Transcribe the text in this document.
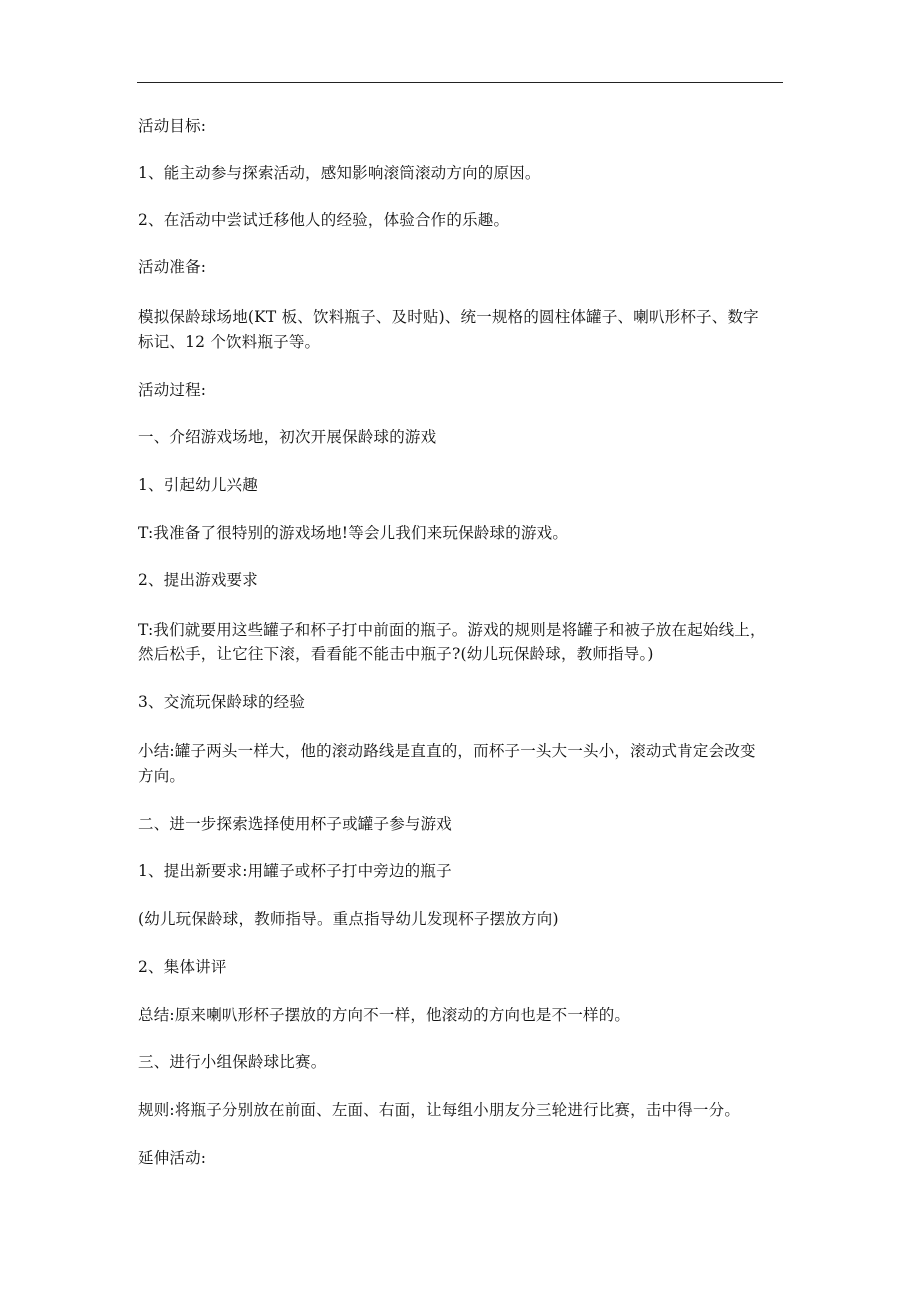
活动目标:
1、能主动参与探索活动，感知影响滚筒滚动方向的原因。
2、在活动中尝试迁移他人的经验，体验合作的乐趣。
活动准备:
模拟保龄球场地(KT 板、饮料瓶子、及时贴)、统一规格的圆柱体罐子、喇叭形杯子、数字
标记、12 个饮料瓶子等。
活动过程:
一、介绍游戏场地，初次开展保龄球的游戏
1、引起幼儿兴趣
T:我准备了很特别的游戏场地!等会儿我们来玩保龄球的游戏。
2、提出游戏要求
T:我们就要用这些罐子和杯子打中前面的瓶子。游戏的规则是将罐子和被子放在起始线上，
然后松手，让它往下滚，看看能不能击中瓶子?(幼儿玩保龄球，教师指导。)
3、交流玩保龄球的经验
小结:罐子两头一样大，他的滚动路线是直直的，而杯子一头大一头小，滚动式肯定会改变
方向。
二、进一步探索选择使用杯子或罐子参与游戏
1、提出新要求:用罐子或杯子打中旁边的瓶子
(幼儿玩保龄球，教师指导。重点指导幼儿发现杯子摆放方向)
2、集体讲评
总结:原来喇叭形杯子摆放的方向不一样，他滚动的方向也是不一样的。
三、进行小组保龄球比赛。
规则:将瓶子分别放在前面、左面、右面，让每组小朋友分三轮进行比赛，击中得一分。
延伸活动:
